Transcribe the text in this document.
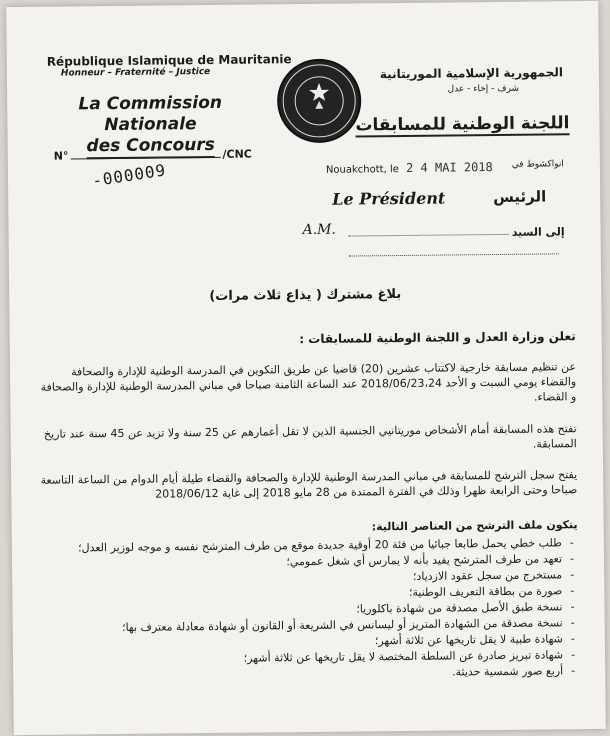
République Islamique de Mauritanie
Honneur – Fraternité – Justice
La Commission Nationale
des Concours
N°	/CNC
-000009
الجمهورية الإسلامية الموريتانية
شرف - إخاء - عدل
اللجنة الوطنية للمسابقات
Nouakchott, le 2 4 MAI 2018	انواكشوط في
Le Président	الرئيس
A.M.	إلى السيد
بلاغ مشترك ( يذاع ثلاث مرات)
تعلن وزارة العدل و اللجنة الوطنية للمسابقات :
عن تنظيم مسابقة خارجية لاكتتاب عشرين (20) قاضيا عن طريق التكوين في المدرسة الوطنية للإدارة والصحافة والقضاء يومي السبت و الأحد 2018/06/23،24 عند الساعة الثامنة صباحا في مباني المدرسة الوطنية للإدارة والصحافة و القضاء.
تفتح هذه المسابقة أمام الأشخاص موريتانيي الجنسية الذين لا تقل أعمارهم عن 25 سنة ولا تزيد عن 45 سنة عند تاريخ المسابقة.
يفتح سجل الترشح للمسابقة في مباني المدرسة الوطنية للإدارة والصحافة والقضاء طيلة أيام الدوام من الساعة التاسعة صباحا وحتى الرابعة ظهرا وذلك في الفترة الممتدة من 28 مايو 2018 إلى غاية 2018/06/12
يتكون ملف الترشح من العناصر التالية:
- طلب خطي يحمل طابعا جبائيا من فئة 20 أوقية جديدة موقع من طرف المترشح نفسه و موجه لوزير العدل؛
- تعهد من طرف المترشح يفيد بأنه لا يمارس أي شغل عمومي؛
- مستخرج من سجل عقود الازدياد؛
- صورة من بطاقة التعريف الوطنية؛
- نسخة طبق الأصل مصدقة من شهادة باكلوريا؛
- نسخة مصدقة من الشهادة المتريز أو ليسانس في الشريعة أو القانون أو شهادة معادلة معترف بها؛
- شهادة طبية لا يقل تاريخها عن ثلاثة أشهر؛
- شهادة تبريز صادرة عن السلطة المختصة لا يقل تاريخها عن ثلاثة أشهر؛
- أربع صور شمسية حديثة.
